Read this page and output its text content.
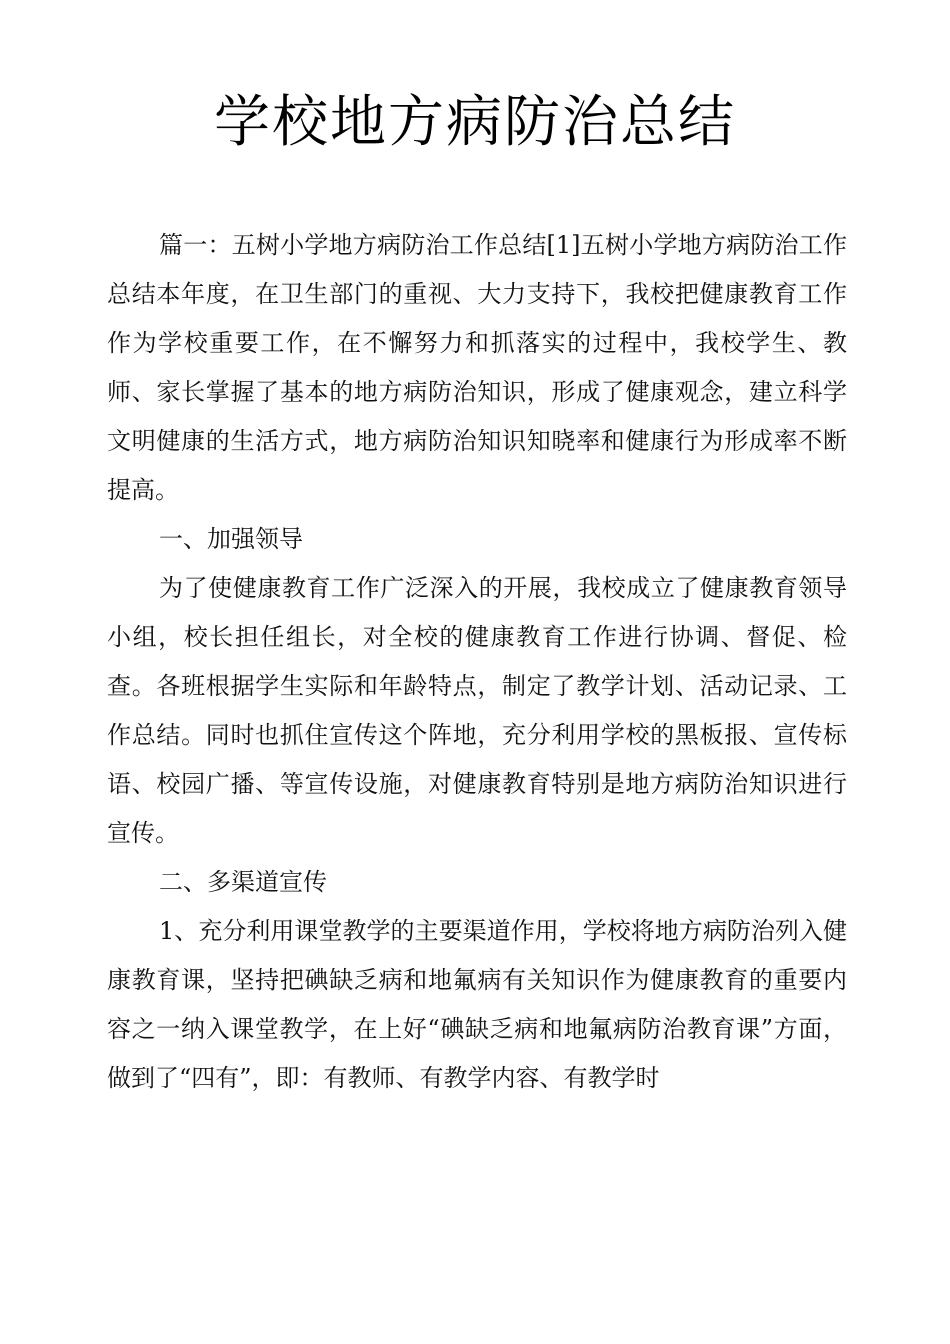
学校地方病防治总结

篇一：五树小学地方病防治工作总结[1]五树小学地方病防治工作总结本年度，在卫生部门的重视、大力支持下，我校把健康教育工作作为学校重要工作，在不懈努力和抓落实的过程中，我校学生、教师、家长掌握了基本的地方病防治知识，形成了健康观念，建立科学文明健康的生活方式，地方病防治知识知晓率和健康行为形成率不断提高。

一、加强领导

为了使健康教育工作广泛深入的开展，我校成立了健康教育领导小组，校长担任组长，对全校的健康教育工作进行协调、督促、检查。各班根据学生实际和年龄特点，制定了教学计划、活动记录、工作总结。同时也抓住宣传这个阵地，充分利用学校的黑板报、宣传标语、校园广播、等宣传设施，对健康教育特别是地方病防治知识进行宣传。

二、多渠道宣传

1、充分利用课堂教学的主要渠道作用，学校将地方病防治列入健康教育课，坚持把碘缺乏病和地氟病有关知识作为健康教育的重要内容之一纳入课堂教学，在上好“碘缺乏病和地氟病防治教育课”方面，做到了“四有”，即：有教师、有教学内容、有教学时
